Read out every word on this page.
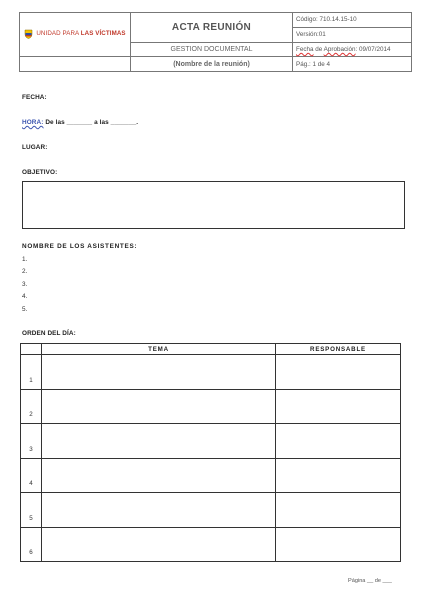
UNIDAD PARA LAS VÍCTIMAS	ACTA REUNIÓN	Código: 710.14.15-10
		Versión:01
	GESTION DOCUMENTAL	Fecha de Aprobación: 09/07/2014
	(Nombre de la reunión)	Pág.: 1 de 4
FECHA:
HORA: De las _______ a las _______.
LUGAR:
OBJETIVO:
NOMBRE DE LOS ASISTENTES:
1.
2.
3.
4.
5.
ORDEN DEL DÍA:
	TEMA	RESPONSABLE
1		
2		
3		
4		
5		
6		
Página __ de ___
